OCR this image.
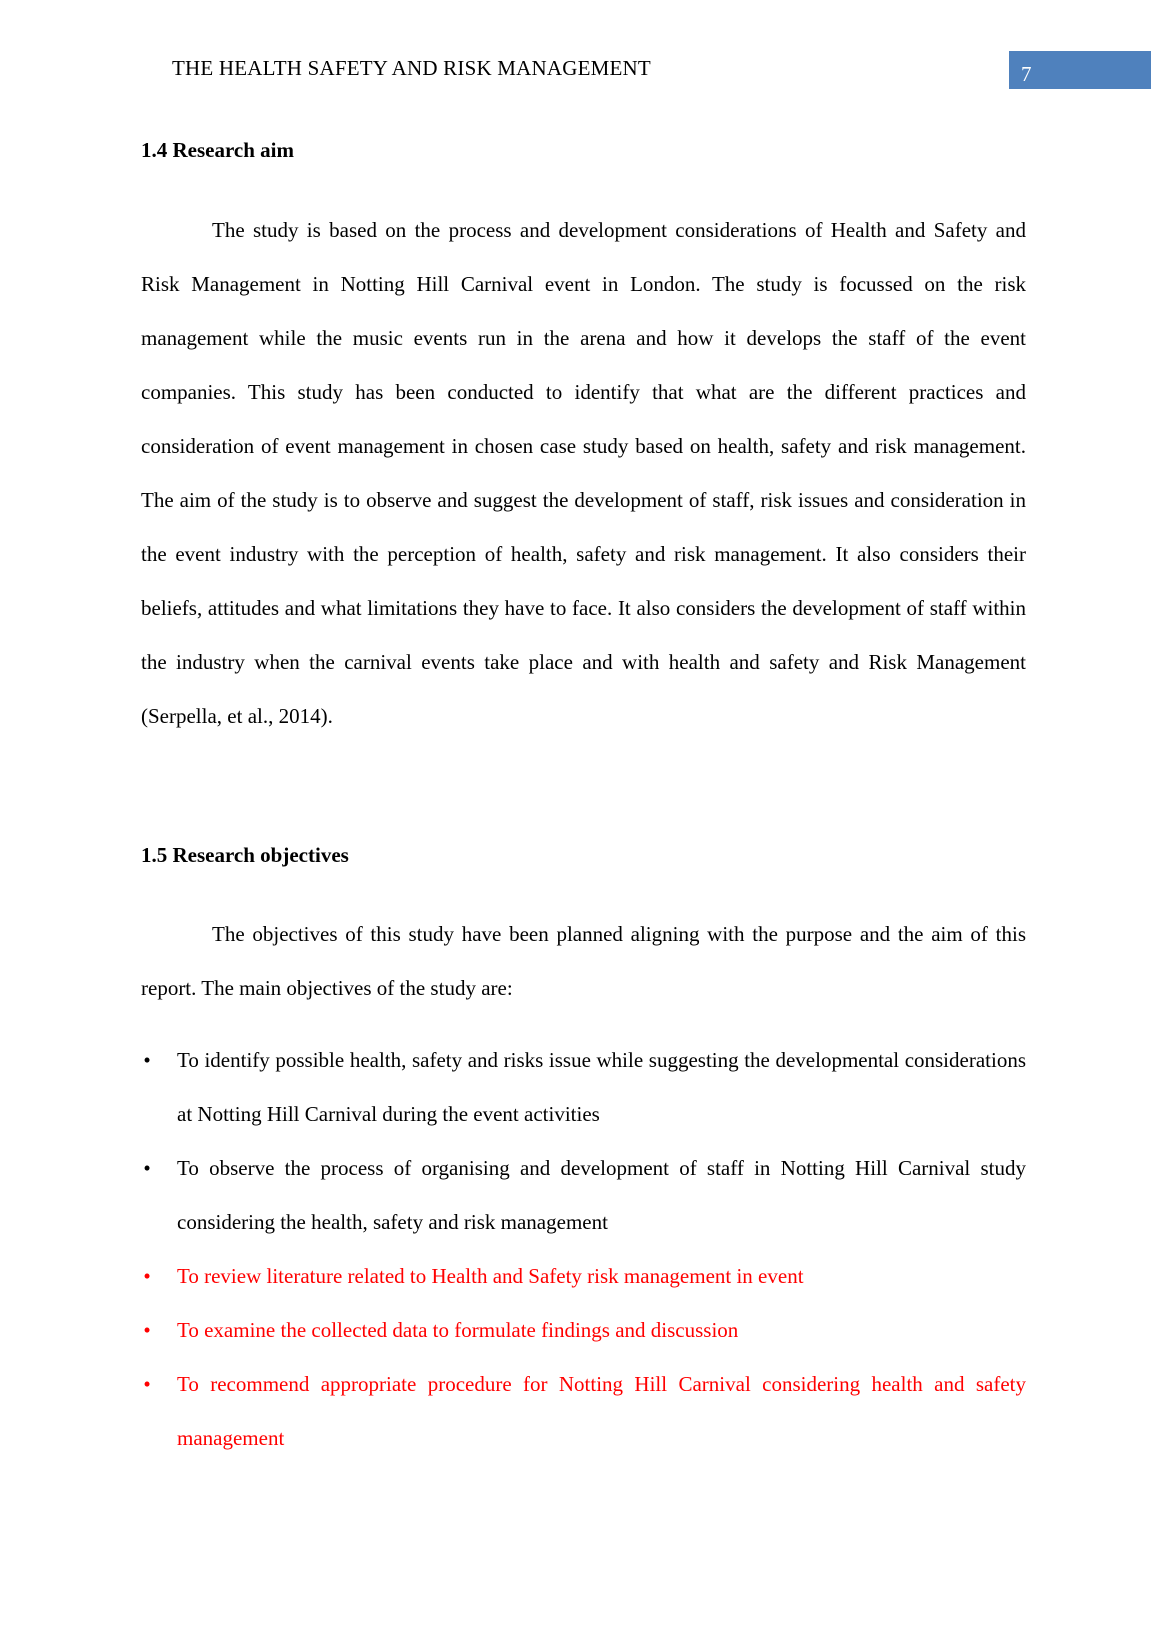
THE HEALTH SAFETY AND RISK MANAGEMENT	7
1.4 Research aim

The study is based on the process and development considerations of Health and Safety and Risk Management in Notting Hill Carnival event in London. The study is focussed on the risk management while the music events run in the arena and how it develops the staff of the event companies. This study has been conducted to identify that what are the different practices and consideration of event management in chosen case study based on health, safety and risk management. The aim of the study is to observe and suggest the development of staff, risk issues and consideration in the event industry with the perception of health, safety and risk management. It also considers their beliefs, attitudes and what limitations they have to face. It also considers the development of staff within the industry when the carnival events take place and with health and safety and Risk Management (Serpella, et al., 2014).

1.5 Research objectives

The objectives of this study have been planned aligning with the purpose and the aim of this report. The main objectives of the study are:

• To identify possible health, safety and risks issue while suggesting the developmental considerations at Notting Hill Carnival during the event activities
• To observe the process of organising and development of staff in Notting Hill Carnival study considering the health, safety and risk management
• To review literature related to Health and Safety risk management in event
• To examine the collected data to formulate findings and discussion
• To recommend appropriate procedure for Notting Hill Carnival considering health and safety management
